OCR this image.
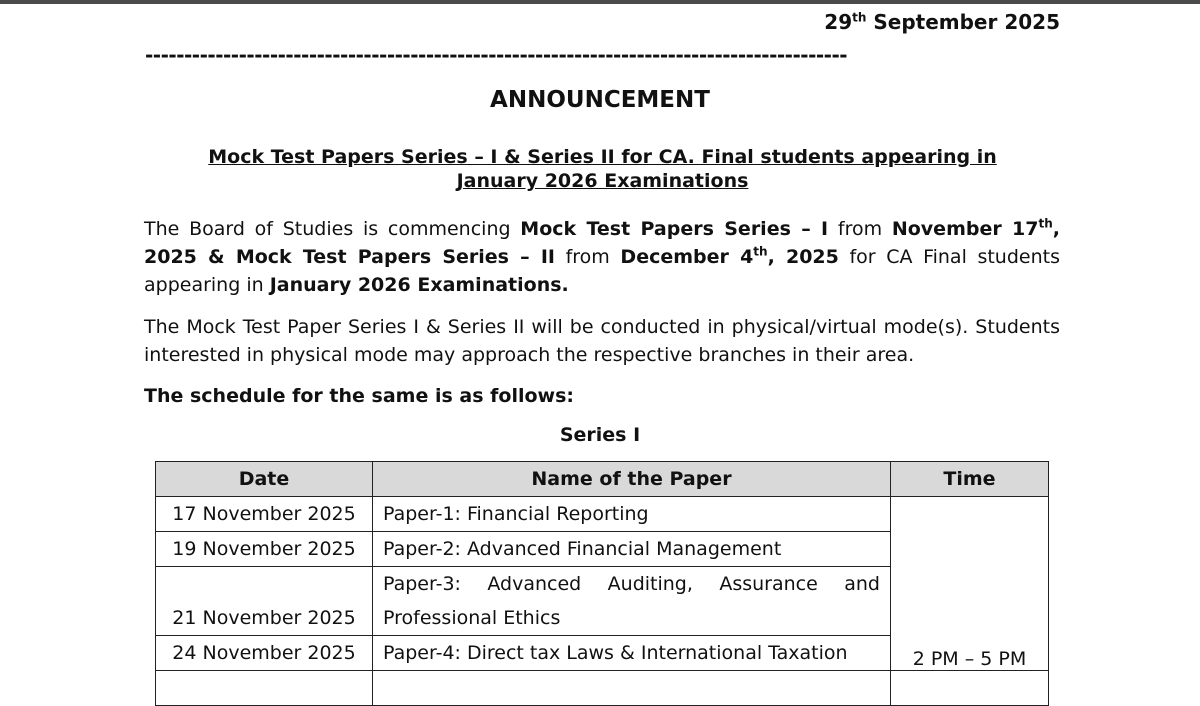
29th September 2025
------------------------------------------------------------------------------------------
ANNOUNCEMENT
Mock Test Papers Series – I & Series II for CA. Final students appearing in January 2026 Examinations
The Board of Studies is commencing Mock Test Papers Series – I from November 17th, 2025 & Mock Test Papers Series – II from December 4th, 2025 for CA Final students appearing in January 2026 Examinations.
The Mock Test Paper Series I & Series II will be conducted in physical/virtual mode(s). Students interested in physical mode may approach the respective branches in their area.
The schedule for the same is as follows:
Series I
Date	Name of the Paper	Time
17 November 2025	Paper-1: Financial Reporting	2 PM – 5 PM
19 November 2025	Paper-2: Advanced Financial Management	
21 November 2025	Paper-3: Advanced Auditing, Assurance and Professional Ethics	
24 November 2025	Paper-4: Direct tax Laws & International Taxation	
